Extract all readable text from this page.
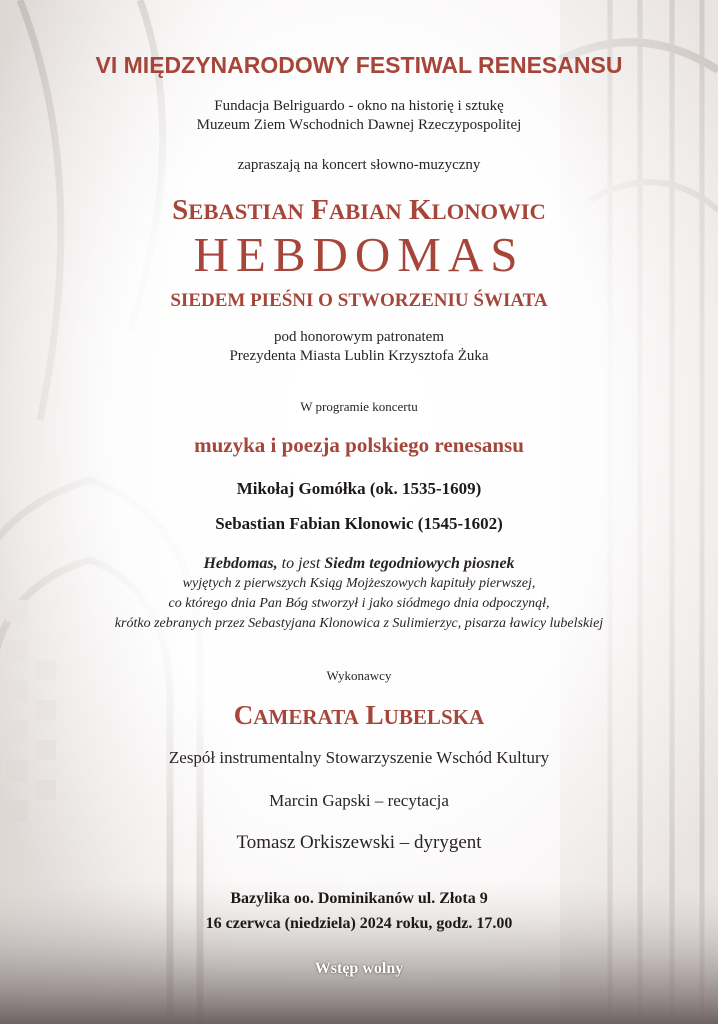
VI MIĘDZYNARODOWY FESTIWAL RENESANSU
Fundacja Belriguardo - okno na historię i sztukę
Muzeum Ziem Wschodnich Dawnej Rzeczypospolitej
zapraszają na koncert słowno-muzyczny
SEBASTIAN FABIAN KLONOWIC
HEBDOMAS
SIEDEM PIEŚNI O STWORZENIU ŚWIATA
pod honorowym patronatem
Prezydenta Miasta Lublin Krzysztofa Żuka
W programie koncertu
muzyka i poezja polskiego renesansu
Mikołaj Gomółka (ok. 1535-1609)
Sebastian Fabian Klonowic (1545-1602)
Hebdomas, to jest Siedm tegodniowych piosnek
wyjętych z pierwszych Ksiąg Mojżeszowych kapituły pierwszej,
co którego dnia Pan Bóg stworzył i jako siódmego dnia odpoczynął,
krótko zebranych przez Sebastyjana Klonowica z Sulimierzyc, pisarza ławicy lubelskiej
Wykonawcy
CAMERATA LUBELSKA
Zespół instrumentalny Stowarzyszenie Wschód Kultury
Marcin Gapski – recytacja
Tomasz Orkiszewski – dyrygent
Bazylika oo. Dominikanów ul. Złota 9
16 czerwca (niedziela) 2024 roku, godz. 17.00
Wstęp wolny
